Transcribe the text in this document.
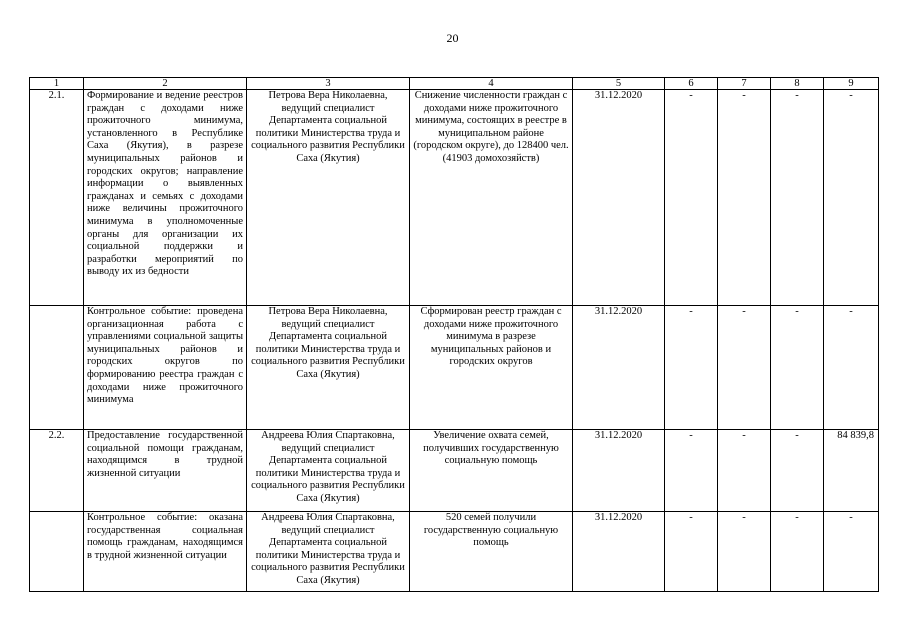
20
1	2	3	4	5	6	7	8	9
2.1.	Формирование и ведение реестров граждан с доходами ниже прожиточного минимума, установленного в Республике Саха (Якутия), в разрезе муниципальных районов и городских округов; направление информации о выявленных гражданах и семьях с доходами ниже величины прожиточного минимума в уполномоченные органы для организации их социальной поддержки и разработки мероприятий по выводу их из бедности	Петрова Вера Николаевна, ведущий специалист Департамента социальной политики Министерства труда и социального развития Республики Саха (Якутия)	Снижение численности граждан с доходами ниже прожиточного минимума, состоящих в реестре в муниципальном районе (городском округе), до 128400 чел. (41903 домохозяйств)	31.12.2020	-	-	-	-
	Контрольное событие: проведена организационная работа с управлениями социальной защиты муниципальных районов и городских округов по формированию реестра граждан с доходами ниже прожиточного минимума	Петрова Вера Николаевна, ведущий специалист Департамента социальной политики Министерства труда и социального развития Республики Саха (Якутия)	Сформирован реестр граждан с доходами ниже прожиточного минимума в разрезе муниципальных районов и городских округов	31.12.2020	-	-	-	-
2.2.	Предоставление государственной социальной помощи гражданам, находящимся в трудной жизненной ситуации	Андреева Юлия Спартаковна, ведущий специалист Департамента социальной политики Министерства труда и социального развития Республики Саха (Якутия)	Увеличение охвата семей, получивших государственную социальную помощь	31.12.2020	-	-	-	84 839,8
	Контрольное событие: оказана государственная социальная помощь гражданам, находящимся в трудной жизненной ситуации	Андреева Юлия Спартаковна, ведущий специалист Департамента социальной политики Министерства труда и социального развития Республики Саха (Якутия)	520 семей получили государственную социальную помощь	31.12.2020	-	-	-	-
